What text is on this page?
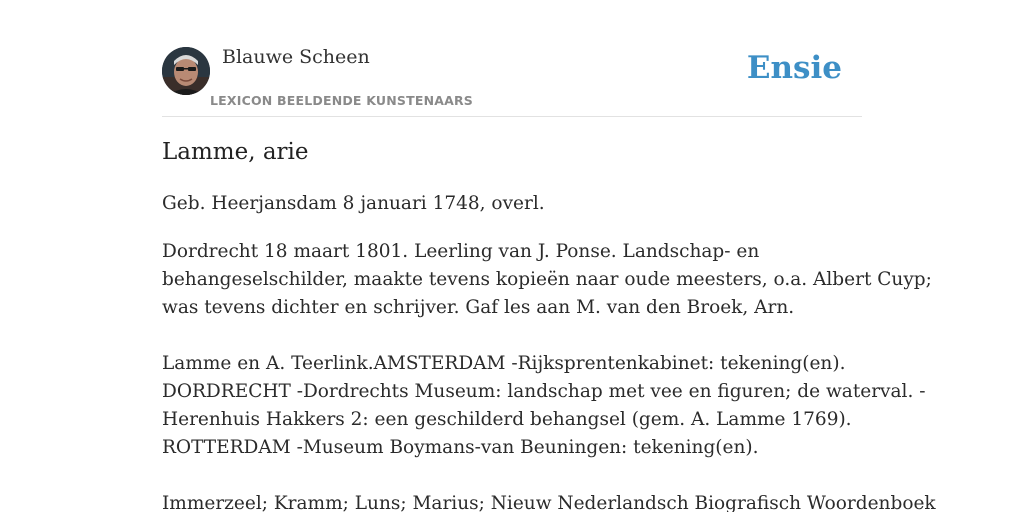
Blauwe Scheen
LEXICON BEELDENDE KUNSTENAARS
Ensie
Lamme, arie
Geb. Heerjansdam 8 januari 1748, overl.
Dordrecht 18 maart 1801. Leerling van J. Ponse. Landschap- en
behangeselschilder, maakte tevens kopieën naar oude meesters, o.a. Albert Cuyp;
was tevens dichter en schrijver. Gaf les aan M. van den Broek, Arn.
Lamme en A. Teerlink.AMSTERDAM -Rijksprentenkabinet: tekening(en).
DORDRECHT -Dordrechts Museum: landschap met vee en figuren; de waterval. -
Herenhuis Hakkers 2: een geschilderd behangsel (gem. A. Lamme 1769).
ROTTERDAM -Museum Boymans-van Beuningen: tekening(en).
Immerzeel; Kramm; Luns; Marius; Nieuw Nederlandsch Biografisch Woordenboek
